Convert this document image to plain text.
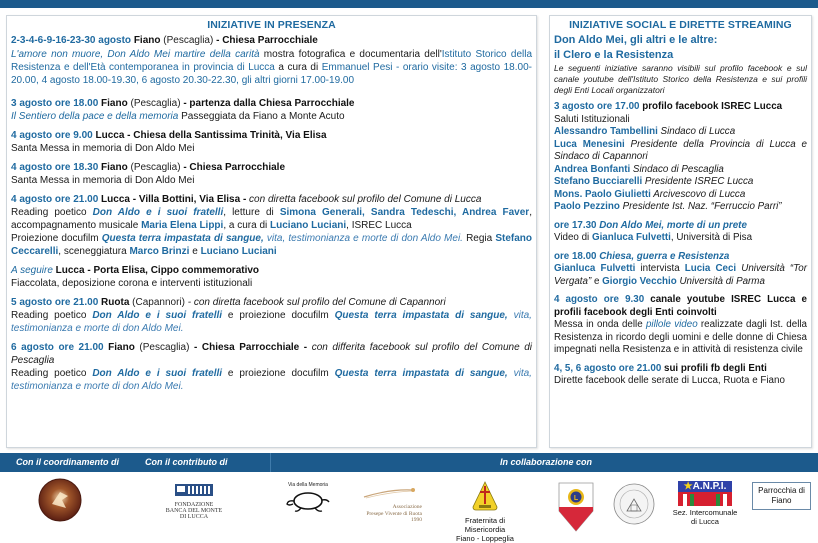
INIZIATIVE IN PRESENZA
2-3-4-6-9-16-23-30 agosto Fiano (Pescaglia) - Chiesa Parrocchiale
L'amore non muore, Don Aldo Mei martire della carità mostra fotografica e documentaria dell'Istituto Storico della Resistenza e dell'Età contemporanea in provincia di Lucca a cura di Emmanuel Pesi - orario visite: 3 agosto 18.00-20.00, 4 agosto 18.00-19.30, 6 agosto 20.30-22.30, gli altri giorni 17.00-19.00
3 agosto ore 18.00 Fiano (Pescaglia) - partenza dalla Chiesa Parrocchiale
Il Sentiero della pace e della memoria Passeggiata da Fiano a Monte Acuto
4 agosto ore 9.00 Lucca - Chiesa della Santissima Trinità, Via Elisa
Santa Messa in memoria di Don Aldo Mei
4 agosto ore 18.30 Fiano (Pescaglia) - Chiesa Parrocchiale
Santa Messa in memoria di Don Aldo Mei
4 agosto ore 21.00 Lucca - Villa Bottini, Via Elisa - con diretta facebook sul profilo del Comune di Lucca
Reading poetico Don Aldo e i suoi fratelli, letture di Simona Generali, Sandra Tedeschi, Andrea Faver, accompagnamento musicale Maria Elena Lippi, a cura di Luciano Luciani, ISREC Lucca
Proiezione docufilm Questa terra impastata di sangue, vita, testimonianza e morte di don Aldo Mei. Regia Stefano Ceccarelli, sceneggiatura Marco Brinzi e Luciano Luciani
A seguire Lucca - Porta Elisa, Cippo commemorativo
Fiaccolata, deposizione corona e interventi istituzionali
5 agosto ore 21.00 Ruota (Capannori) - con diretta facebook sul profilo del Comune di Capannori
Reading poetico Don Aldo e i suoi fratelli e proiezione docufilm Questa terra impastata di sangue, vita, testimonianza e morte di don Aldo Mei.
6 agosto ore 21.00 Fiano (Pescaglia) - Chiesa Parrocchiale - con differita facebook sul profilo del Comune di Pescaglia
Reading poetico Don Aldo e i suoi fratelli e proiezione docufilm Questa terra impastata di sangue, vita, testimonianza e morte di don Aldo Mei.
INIZIATIVE SOCIAL E DIRETTE STREAMING
Don Aldo Mei, gli altri e le altre:
il Clero e la Resistenza
Le seguenti iniziative saranno visibili sul profilo facebook e sul canale youtube dell'Istituto Storico della Resistenza e sui profili degli Enti Locali organizzatori
3 agosto ore 17.00 profilo facebook ISREC Lucca
Saluti Istituzionali
Alessandro Tambellini Sindaco di Lucca
Luca Menesini Presidente della Provincia di Lucca e Sindaco di Capannori
Andrea Bonfanti Sindaco di Pescaglia
Stefano Bucciarelli Presidente ISREC Lucca
Mons. Paolo Giulietti Arcivescovo di Lucca
Paolo Pezzino Presidente Ist. Naz. “Ferruccio Parri”
ore 17.30 Don Aldo Mei, morte di un prete
Video di Gianluca Fulvetti, Università di Pisa
ore 18.00 Chiesa, guerra e Resistenza
Gianluca Fulvetti intervista Lucia Ceci Università “Tor Vergata” e Giorgio Vecchio Università di Parma
4 agosto ore 9.30 canale youtube ISREC Lucca e profili facebook degli Enti coinvolti
Messa in onda delle pillole video realizzate dagli Ist. della Resistenza in ricordo degli uomini e delle donne di Chiesa impegnati nella Resistenza e in attività di resistenza civile
4, 5, 6 agosto ore 21.00 sui profili fb degli Enti
Dirette facebook delle serate di Lucca, Ruota e Fiano
Con il coordinamento di	Con il contributo di	In collaborazione con
FONDAZIONE
BANCA DEL MONTE
DI LUCCA
Via della Memoria
Associazione
Presepe Vivente di Ruota 1990	Fraternita di Misericordia
Fiano - Loppeglia
L
★A.N.P.I.
Sez. Intercomunale
di Lucca
Parrocchia di Fiano
